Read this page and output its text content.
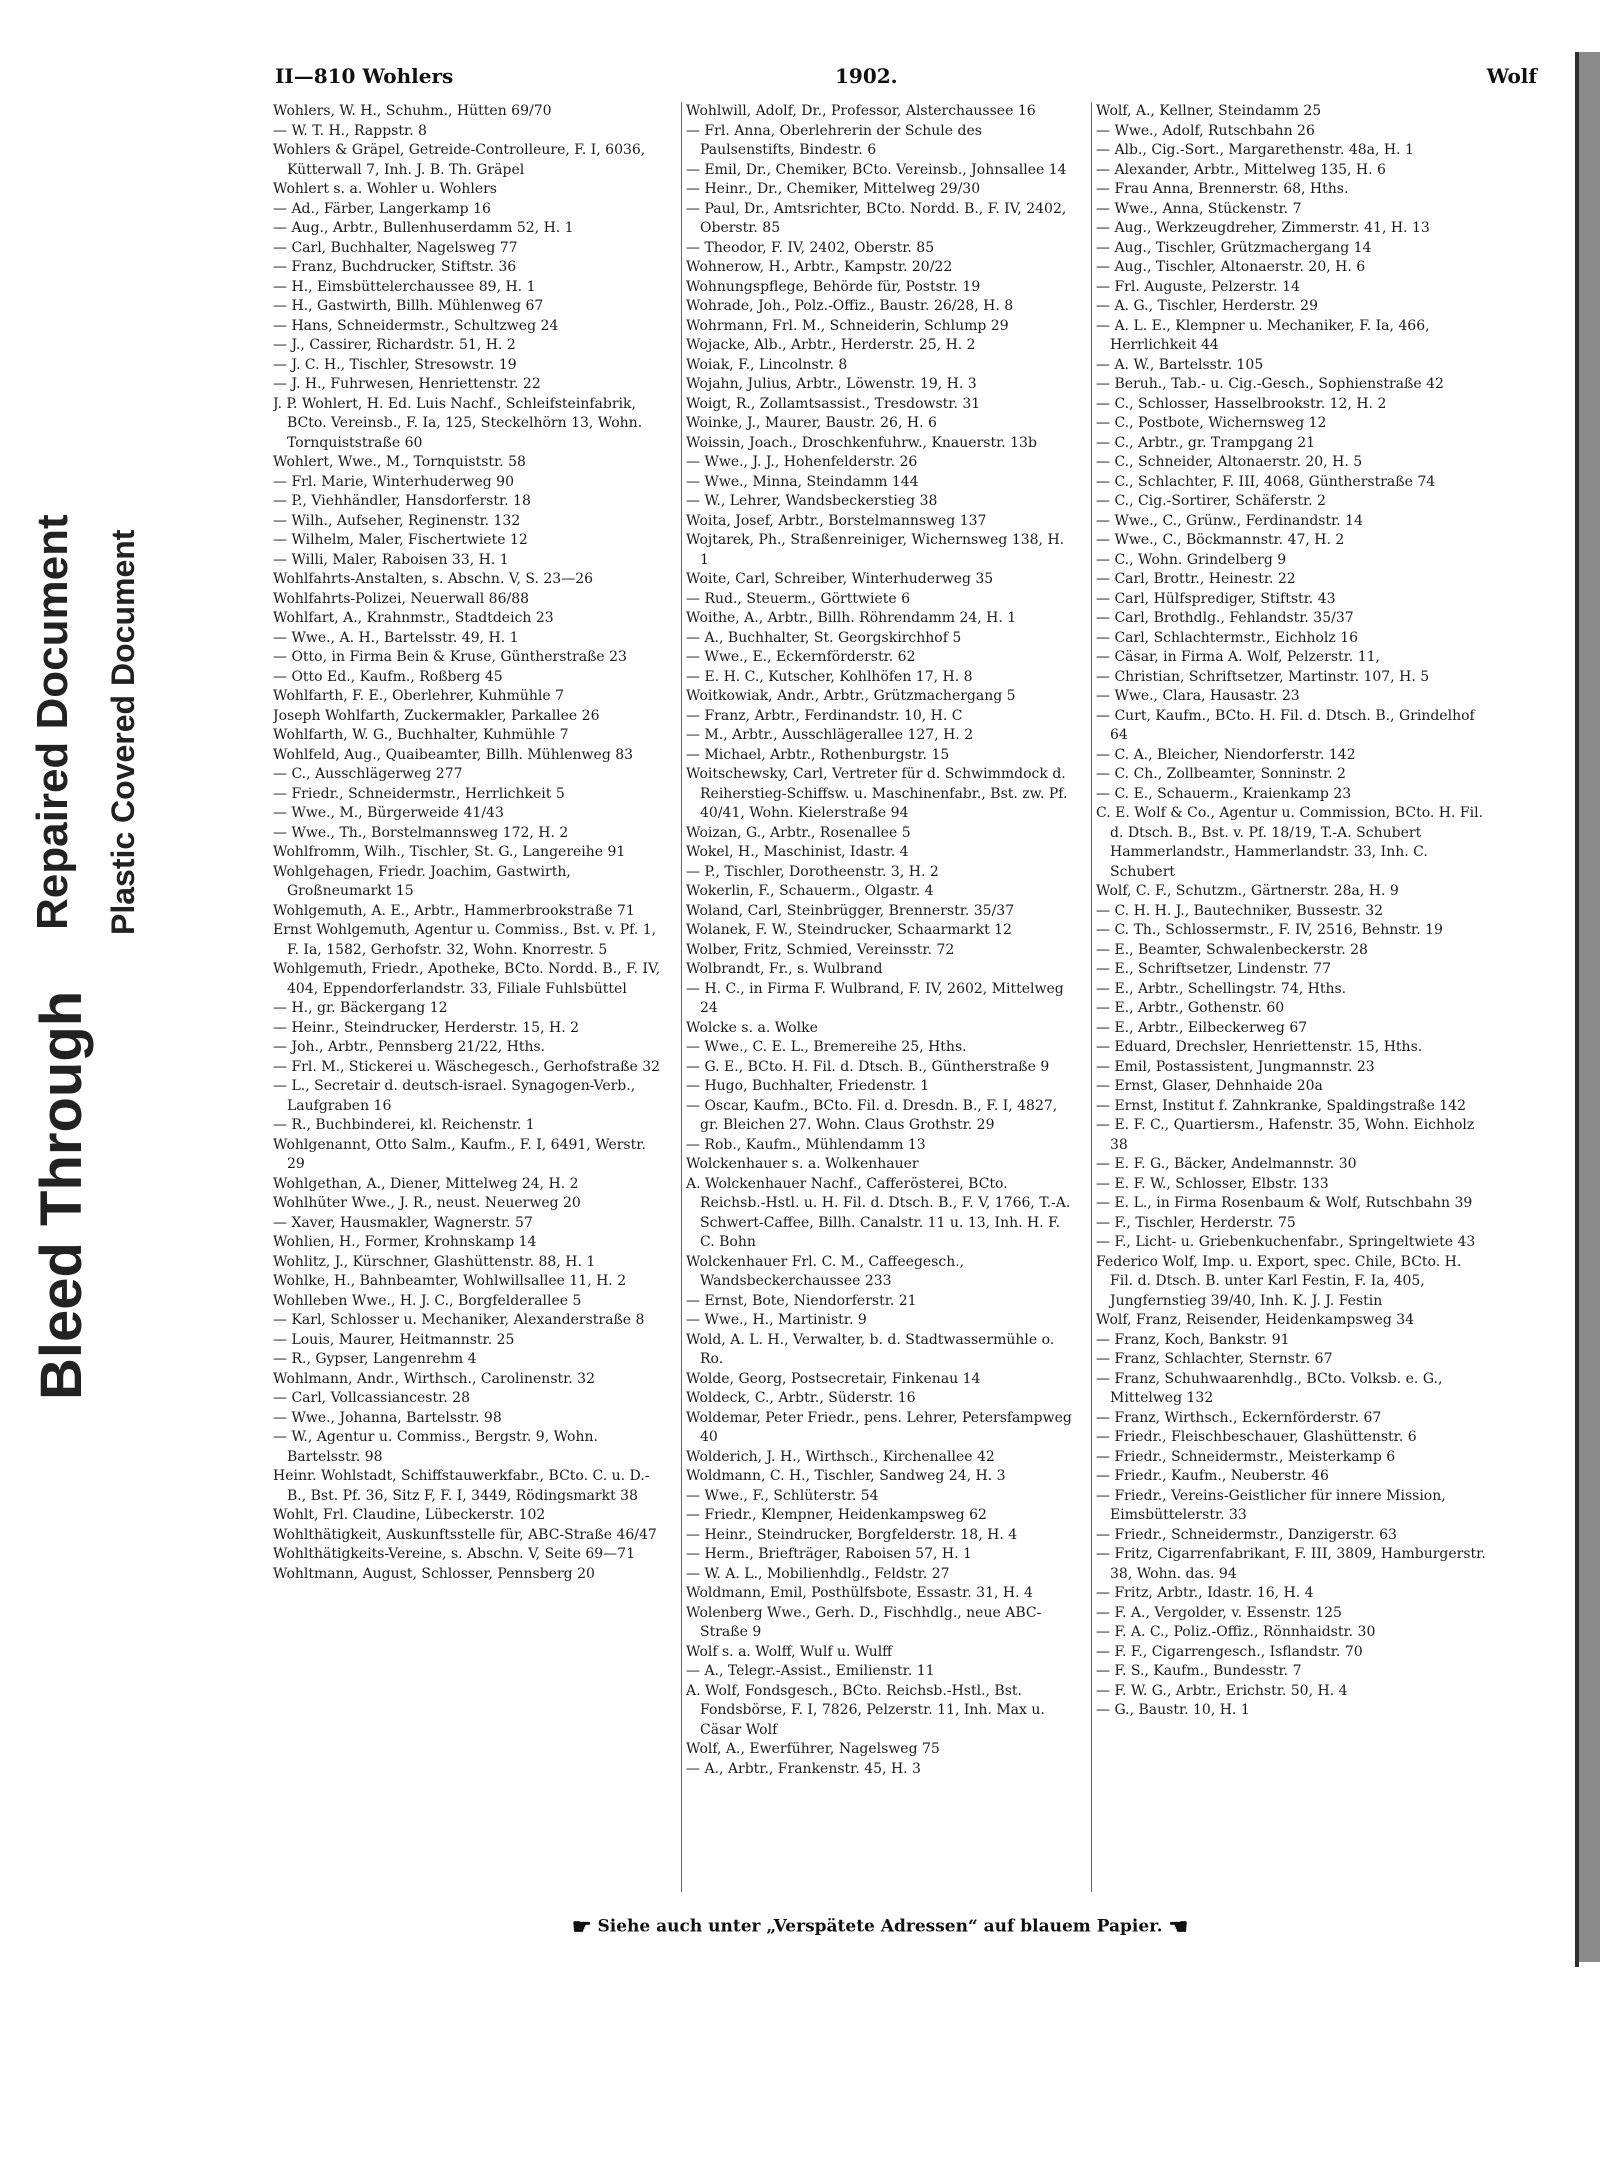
Bleed Through
Repaired Document Plastic Covered Document
II—810 Wohlers	1902.	Wolf

Wohlers, W. H., Schuhm., Hütten 69/70

— W. T. H., Rappstr. 8

Wohlers & Gräpel, Getreide-Controlleure, F. I, 6036, Kütterwall 7, Inh. J. B. Th. Gräpel

Wohlert s. a. Wohler u. Wohlers

— Ad., Färber, Langerkamp 16

— Aug., Arbtr., Bullenhuserdamm 52, H. 1

— Carl, Buchhalter, Nagelsweg 77

— Franz, Buchdrucker, Stiftstr. 36

— H., Eimsbüttelerchaussee 89, H. 1

— H., Gastwirth, Billh. Mühlenweg 67

— Hans, Schneidermstr., Schultzweg 24

— J., Cassirer, Richardstr. 51, H. 2

— J. C. H., Tischler, Stresowstr. 19

— J. H., Fuhrwesen, Henriettenstr. 22

J. P. Wohlert, H. Ed. Luis Nachf., Schleifsteinfabrik, BCto. Vereinsb., F. Ia, 125, Steckelhörn 13, Wohn. Tornquiststraße 60

Wohlert, Wwe., M., Tornquiststr. 58

— Frl. Marie, Winterhuderweg 90

— P., Viehhändler, Hansdorferstr. 18

— Wilh., Aufseher, Reginenstr. 132

— Wilhelm, Maler, Fischertwiete 12

— Willi, Maler, Raboisen 33, H. 1

Wohlfahrts-Anstalten, s. Abschn. V, S. 23—26

Wohlfahrts-Polizei, Neuerwall 86/88

Wohlfart, A., Krahnmstr., Stadtdeich 23

— Wwe., A. H., Bartelsstr. 49, H. 1

— Otto, in Firma Bein & Kruse, Güntherstraße 23

— Otto Ed., Kaufm., Roßberg 45

Wohlfarth, F. E., Oberlehrer, Kuhmühle 7

Joseph Wohlfarth, Zuckermakler, Parkallee 26

Wohlfarth, W. G., Buchhalter, Kuhmühle 7

Wohlfeld, Aug., Quaibeamter, Billh. Mühlenweg 83

— C., Ausschlägerweg 277

— Friedr., Schneidermstr., Herrlichkeit 5

— Wwe., M., Bürgerweide 41/43

— Wwe., Th., Borstelmannsweg 172, H. 2

Wohlfromm, Wilh., Tischler, St. G., Langereihe 91

Wohlgehagen, Friedr. Joachim, Gastwirth, Großneumarkt 15

Wohlgemuth, A. E., Arbtr., Hammerbrookstraße 71

Ernst Wohlgemuth, Agentur u. Commiss., Bst. v. Pf. 1, F. Ia, 1582, Gerhofstr. 32, Wohn. Knorrestr. 5

Wohlgemuth, Friedr., Apotheke, BCto. Nordd. B., F. IV, 404, Eppendorferlandstr. 33, Filiale Fuhlsbüttel

— H., gr. Bäckergang 12

— Heinr., Steindrucker, Herderstr. 15, H. 2

— Joh., Arbtr., Pennsberg 21/22, Hths.

— Frl. M., Stickerei u. Wäschegesch., Gerhofstraße 32

— L., Secretair d. deutsch-israel. Synagogen-Verb., Laufgraben 16

— R., Buchbinderei, kl. Reichenstr. 1

Wohlgenannt, Otto Salm., Kaufm., F. I, 6491, Werstr. 29

Wohlgethan, A., Diener, Mittelweg 24, H. 2

Wohlhüter Wwe., J. R., neust. Neuerweg 20

— Xaver, Hausmakler, Wagnerstr. 57

Wohlien, H., Former, Krohnskamp 14

Wohlitz, J., Kürschner, Glashüttenstr. 88, H. 1

Wohlke, H., Bahnbeamter, Wohlwillsallee 11, H. 2

Wohlleben Wwe., H. J. C., Borgfelderallee 5

— Karl, Schlosser u. Mechaniker, Alexanderstraße 8

— Louis, Maurer, Heitmannstr. 25

— R., Gypser, Langenrehm 4

Wohlmann, Andr., Wirthsch., Carolinenstr. 32

— Carl, Vollcassiancestr. 28

— Wwe., Johanna, Bartelsstr. 98

— W., Agentur u. Commiss., Bergstr. 9, Wohn. Bartelsstr. 98

Heinr. Wohlstadt, Schiffstauwerkfabr., BCto. C. u. D.-B., Bst. Pf. 36, Sitz F, F. I, 3449, Rödingsmarkt 38

Wohlt, Frl. Claudine, Lübeckerstr. 102

Wohlthätigkeit, Auskunftsstelle für, ABC-Straße 46/47

Wohlthätigkeits-Vereine, s. Abschn. V, Seite 69—71

Wohltmann, August, Schlosser, Pennsberg 20

Wohlwill, Adolf, Dr., Professor, Alsterchaussee 16

— Frl. Anna, Oberlehrerin der Schule des Paulsenstifts, Bindestr. 6

— Emil, Dr., Chemiker, BCto. Vereinsb., Johnsallee 14

— Heinr., Dr., Chemiker, Mittelweg 29/30

— Paul, Dr., Amtsrichter, BCto. Nordd. B., F. IV, 2402, Oberstr. 85

— Theodor, F. IV, 2402, Oberstr. 85

Wohnerow, H., Arbtr., Kampstr. 20/22

Wohnungspflege, Behörde für, Poststr. 19

Wohrade, Joh., Polz.-Offiz., Baustr. 26/28, H. 8

Wohrmann, Frl. M., Schneiderin, Schlump 29

Wojacke, Alb., Arbtr., Herderstr. 25, H. 2

Woiak, F., Lincolnstr. 8

Wojahn, Julius, Arbtr., Löwenstr. 19, H. 3

Woigt, R., Zollamtsassist., Tresdowstr. 31

Woinke, J., Maurer, Baustr. 26, H. 6

Woissin, Joach., Droschkenfuhrw., Knauerstr. 13b

— Wwe., J. J., Hohenfelderstr. 26

— Wwe., Minna, Steindamm 144

— W., Lehrer, Wandsbeckerstieg 38

Woita, Josef, Arbtr., Borstelmannsweg 137

Wojtarek, Ph., Straßenreiniger, Wichernsweg 138, H. 1

Woite, Carl, Schreiber, Winterhuderweg 35

— Rud., Steuerm., Görttwiete 6

Woithe, A., Arbtr., Billh. Röhrendamm 24, H. 1

— A., Buchhalter, St. Georgskirchhof 5

— Wwe., E., Eckernförderstr. 62

— E. H. C., Kutscher, Kohlhöfen 17, H. 8

Woitkowiak, Andr., Arbtr., Grützmachergang 5

— Franz, Arbtr., Ferdinandstr. 10, H. C

— M., Arbtr., Ausschlägerallee 127, H. 2

— Michael, Arbtr., Rothenburgstr. 15

Woitschewsky, Carl, Vertreter für d. Schwimmdock d. Reiherstieg-Schiffsw. u. Maschinenfabr., Bst. zw. Pf. 40/41, Wohn. Kielerstraße 94

Woizan, G., Arbtr., Rosenallee 5

Wokel, H., Maschinist, Idastr. 4

— P., Tischler, Dorotheenstr. 3, H. 2

Wokerlin, F., Schauerm., Olgastr. 4

Woland, Carl, Steinbrügger, Brennerstr. 35/37

Wolanek, F. W., Steindrucker, Schaarmarkt 12

Wolber, Fritz, Schmied, Vereinsstr. 72

Wolbrandt, Fr., s. Wulbrand

— H. C., in Firma F. Wulbrand, F. IV, 2602, Mittelweg 24

Wolcke s. a. Wolke

— Wwe., C. E. L., Bremereihe 25, Hths.

— G. E., BCto. H. Fil. d. Dtsch. B., Güntherstraße 9

— Hugo, Buchhalter, Friedenstr. 1

— Oscar, Kaufm., BCto. Fil. d. Dresdn. B., F. I, 4827, gr. Bleichen 27. Wohn. Claus Grothstr. 29

— Rob., Kaufm., Mühlendamm 13

Wolckenhauer s. a. Wolkenhauer

A. Wolckenhauer Nachf., Cafferösterei, BCto. Reichsb.-Hstl. u. H. Fil. d. Dtsch. B., F. V, 1766, T.-A. Schwert-Caffee, Billh. Canalstr. 11 u. 13, Inh. H. F. C. Bohn

Wolckenhauer Frl. C. M., Caffeegesch., Wandsbeckerchaussee 233

— Ernst, Bote, Niendorferstr. 21

— Wwe., H., Martinistr. 9

Wold, A. L. H., Verwalter, b. d. Stadtwassermühle o. Ro.

Wolde, Georg, Postsecretair, Finkenau 14

Woldeck, C., Arbtr., Süderstr. 16

Woldemar, Peter Friedr., pens. Lehrer, Petersfampweg 40

Wolderich, J. H., Wirthsch., Kirchenallee 42

Woldmann, C. H., Tischler, Sandweg 24, H. 3

— Wwe., F., Schlüterstr. 54

— Friedr., Klempner, Heidenkampsweg 62

— Heinr., Steindrucker, Borgfelderstr. 18, H. 4

— Herm., Briefträger, Raboisen 57, H. 1

— W. A. L., Mobilienhdlg., Feldstr. 27

Woldmann, Emil, Posthülfsbote, Essastr. 31, H. 4

Wolenberg Wwe., Gerh. D., Fischhdlg., neue ABC-Straße 9

Wolf s. a. Wolff, Wulf u. Wulff

— A., Telegr.-Assist., Emilienstr. 11

A. Wolf, Fondsgesch., BCto. Reichsb.-Hstl., Bst. Fondsbörse, F. I, 7826, Pelzerstr. 11, Inh. Max u. Cäsar Wolf

Wolf, A., Ewerführer, Nagelsweg 75

— A., Arbtr., Frankenstr. 45, H. 3

Wolf, A., Kellner, Steindamm 25

— Wwe., Adolf, Rutschbahn 26

— Alb., Cig.-Sort., Margarethenstr. 48a, H. 1

— Alexander, Arbtr., Mittelweg 135, H. 6

— Frau Anna, Brennerstr. 68, Hths.

— Wwe., Anna, Stückenstr. 7

— Aug., Werkzeugdreher, Zimmerstr. 41, H. 13

— Aug., Tischler, Grützmachergang 14

— Aug., Tischler, Altonaerstr. 20, H. 6

— Frl. Auguste, Pelzerstr. 14

— A. G., Tischler, Herderstr. 29

— A. L. E., Klempner u. Mechaniker, F. Ia, 466, Herrlichkeit 44

— A. W., Bartelsstr. 105

— Beruh., Tab.- u. Cig.-Gesch., Sophienstraße 42

— C., Schlosser, Hasselbrookstr. 12, H. 2

— C., Postbote, Wichernsweg 12

— C., Arbtr., gr. Trampgang 21

— C., Schneider, Altonaerstr. 20, H. 5

— C., Schlachter, F. III, 4068, Güntherstraße 74

— C., Cig.-Sortirer, Schäferstr. 2

— Wwe., C., Grünw., Ferdinandstr. 14

— Wwe., C., Böckmannstr. 47, H. 2

— C., Wohn. Grindelberg 9

— Carl, Brottr., Heinestr. 22

— Carl, Hülfsprediger, Stiftstr. 43

— Carl, Brothdlg., Fehlandstr. 35/37

— Carl, Schlachtermstr., Eichholz 16

— Cäsar, in Firma A. Wolf, Pelzerstr. 11,

— Christian, Schriftsetzer, Martinstr. 107, H. 5

— Wwe., Clara, Hausastr. 23

— Curt, Kaufm., BCto. H. Fil. d. Dtsch. B., Grindelhof 64

— C. A., Bleicher, Niendorferstr. 142

— C. Ch., Zollbeamter, Sonninstr. 2

— C. E., Schauerm., Kraienkamp 23

C. E. Wolf & Co., Agentur u. Commission, BCto. H. Fil. d. Dtsch. B., Bst. v. Pf. 18/19, T.-A. Schubert Hammerlandstr., Hammerlandstr. 33, Inh. C. Schubert

Wolf, C. F., Schutzm., Gärtnerstr. 28a, H. 9

— C. H. H. J., Bautechniker, Bussestr. 32

— C. Th., Schlossermstr., F. IV, 2516, Behnstr. 19

— E., Beamter, Schwalenbeckerstr. 28

— E., Schriftsetzer, Lindenstr. 77

— E., Arbtr., Schellingstr. 74, Hths.

— E., Arbtr., Gothenstr. 60

— E., Arbtr., Eilbeckerweg 67

— Eduard, Drechsler, Henriettenstr. 15, Hths.

— Emil, Postassistent, Jungmannstr. 23

— Ernst, Glaser, Dehnhaide 20a

— Ernst, Institut f. Zahnkranke, Spaldingstraße 142

— E. F. C., Quartiersm., Hafenstr. 35, Wohn. Eichholz 38

— E. F. G., Bäcker, Andelmannstr. 30

— E. F. W., Schlosser, Elbstr. 133

— E. L., in Firma Rosenbaum & Wolf, Rutschbahn 39

— F., Tischler, Herderstr. 75

— F., Licht- u. Griebenkuchenfabr., Springeltwiete 43

Federico Wolf, Imp. u. Export, spec. Chile, BCto. H. Fil. d. Dtsch. B. unter Karl Festin, F. Ia, 405, Jungfernstieg 39/40, Inh. K. J. J. Festin

Wolf, Franz, Reisender, Heidenkampsweg 34

— Franz, Koch, Bankstr. 91

— Franz, Schlachter, Sternstr. 67

— Franz, Schuhwaarenhdlg., BCto. Volksb. e. G., Mittelweg 132

— Franz, Wirthsch., Eckernförderstr. 67

— Friedr., Fleischbeschauer, Glashüttenstr. 6

— Friedr., Schneidermstr., Meisterkamp 6

— Friedr., Kaufm., Neuberstr. 46

— Friedr., Vereins-Geistlicher für innere Mission, Eimsbüttelerstr. 33

— Friedr., Schneidermstr., Danzigerstr. 63

— Fritz, Cigarrenfabrikant, F. III, 3809, Hamburgerstr. 38, Wohn. das. 94

— Fritz, Arbtr., Idastr. 16, H. 4

— F. A., Vergolder, v. Essenstr. 125

— F. A. C., Poliz.-Offiz., Rönnhaidstr. 30

— F. F., Cigarrengesch., Isflandstr. 70

— F. S., Kaufm., Bundesstr. 7

— F. W. G., Arbtr., Erichstr. 50, H. 4

— G., Baustr. 10, H. 1

☛ Siehe auch unter „Verspätete Adressen“ auf blauem Papier. ☚
